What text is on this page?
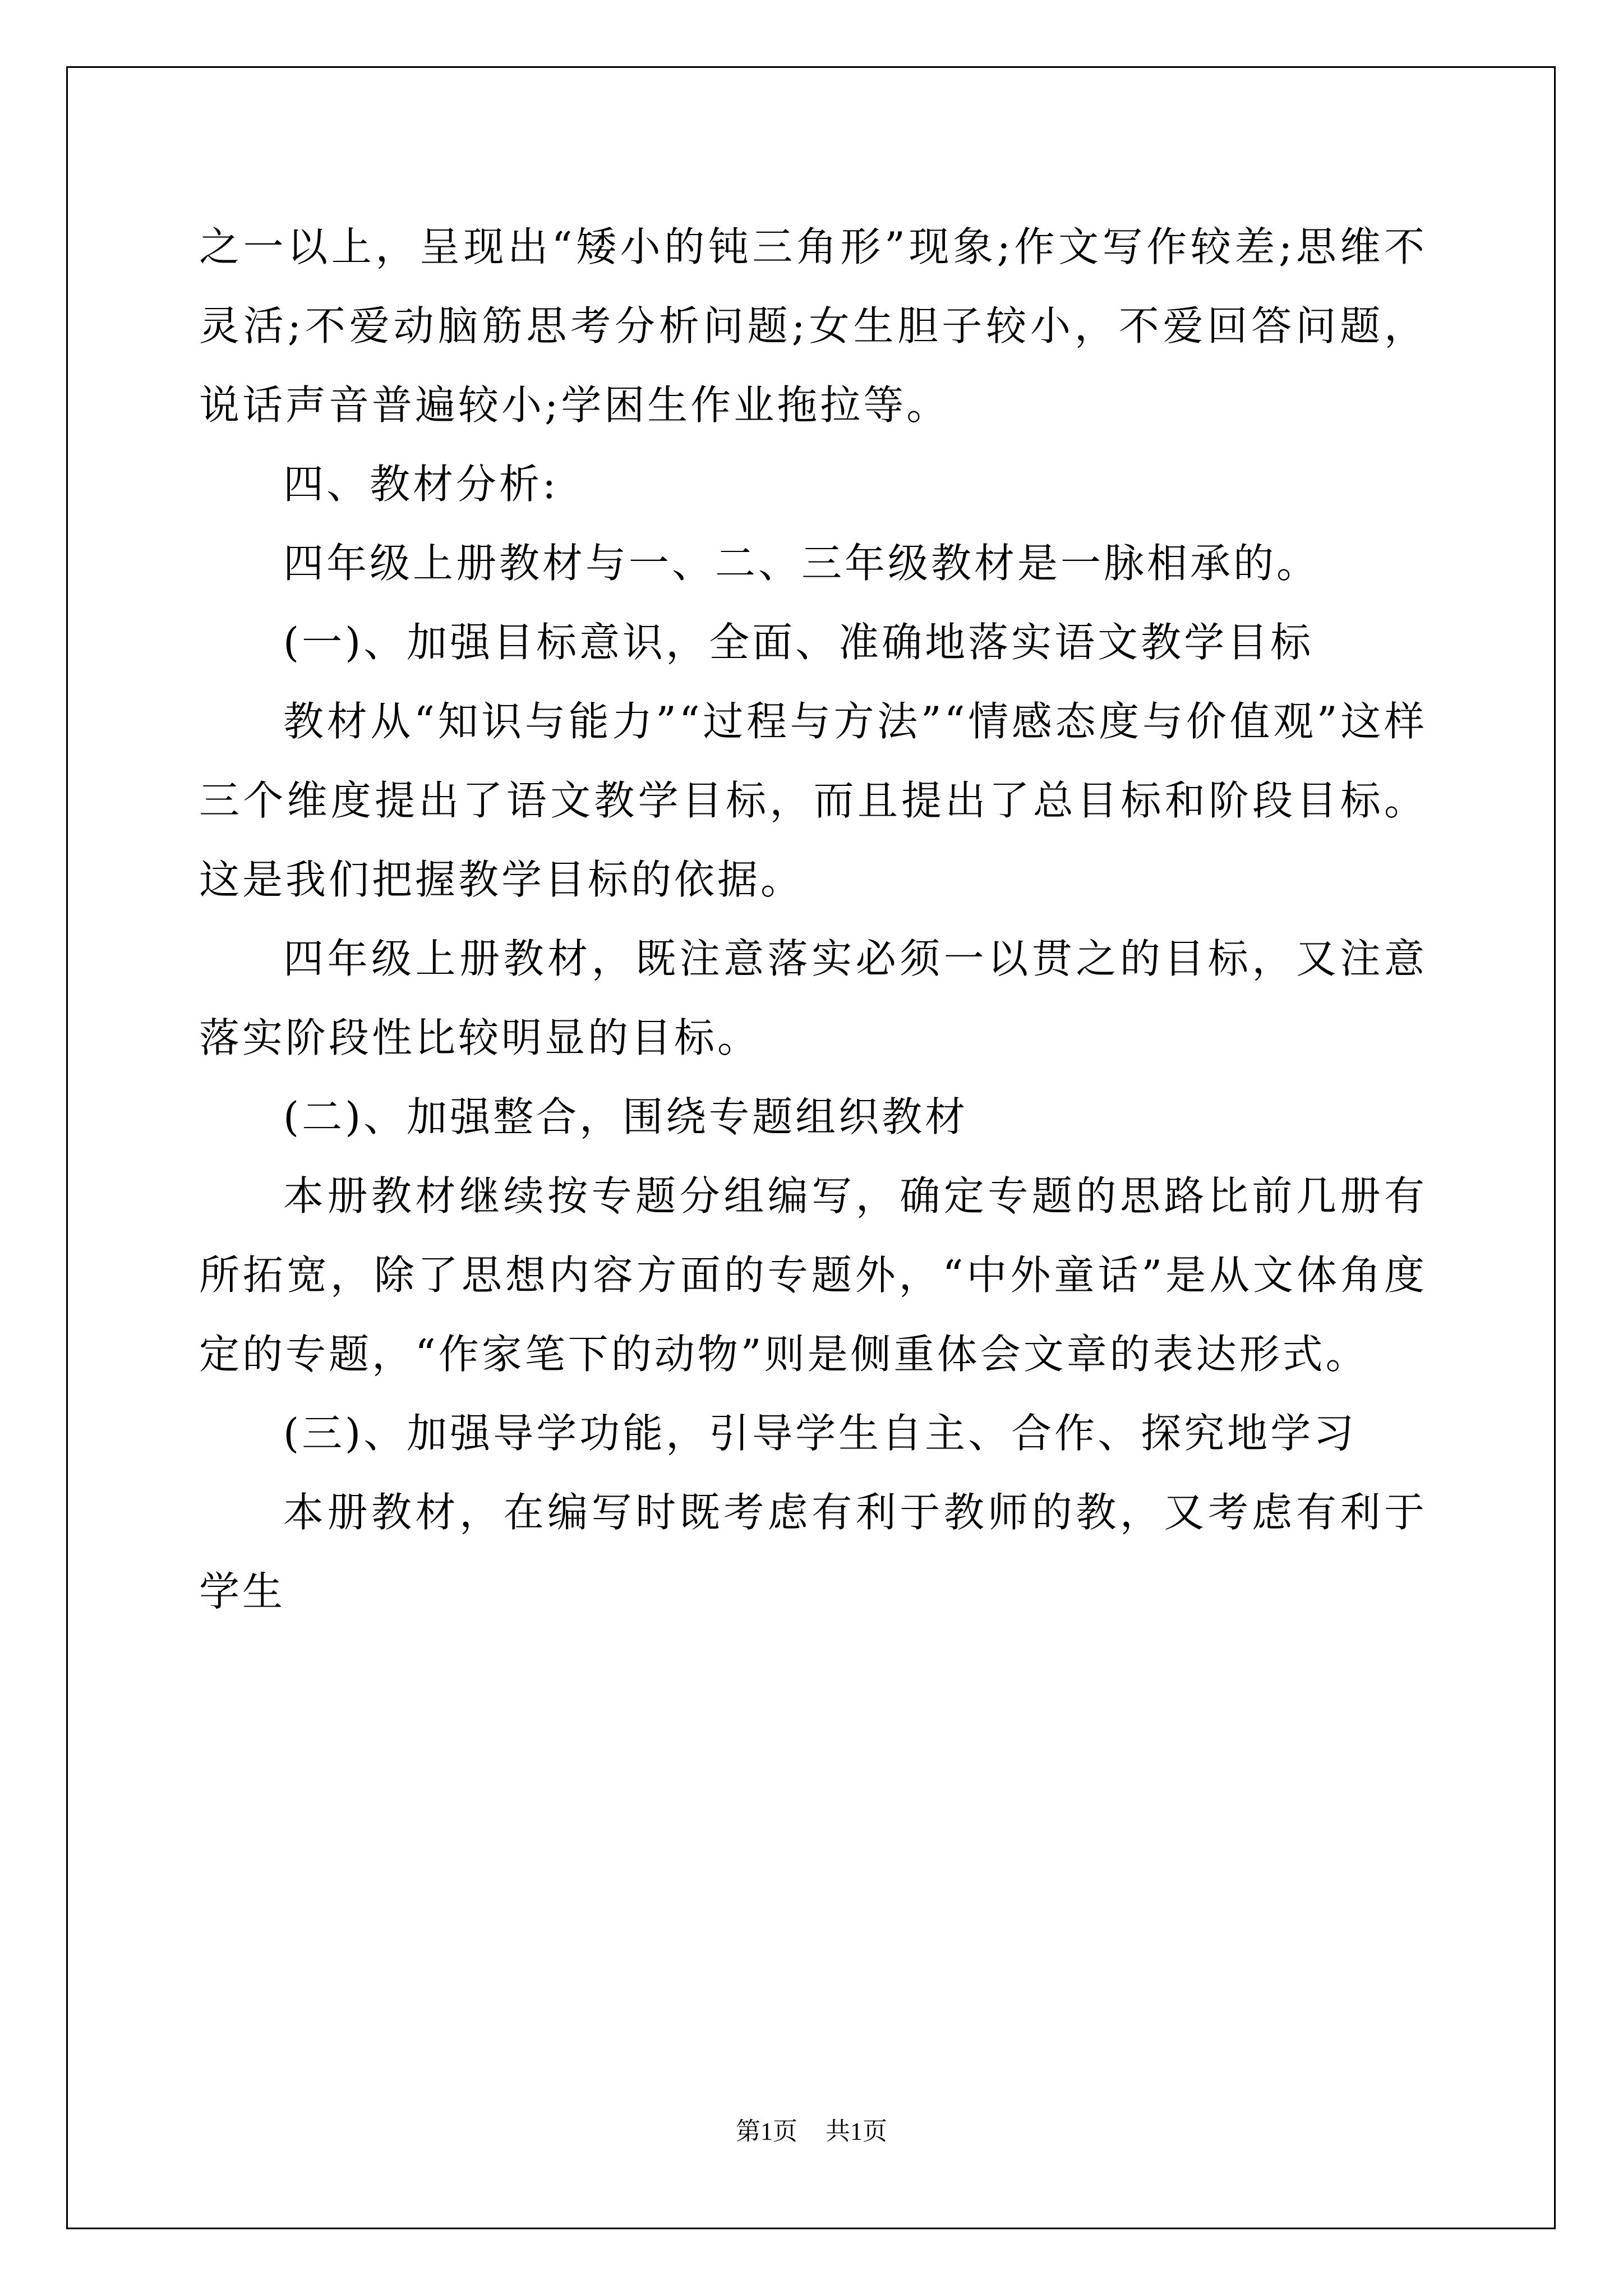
之一以上，呈现出“矮小的钝三角形”现象;作文写作较差;思维不灵活;不爱动脑筋思考分析问题;女生胆子较小，不爱回答问题，说话声音普遍较小;学困生作业拖拉等。

四、教材分析:

四年级上册教材与一、二、三年级教材是一脉相承的。

(一)、加强目标意识，全面、准确地落实语文教学目标

教材从“知识与能力”“过程与方法”“情感态度与价值观”这样三个维度提出了语文教学目标，而且提出了总目标和阶段目标。这是我们把握教学目标的依据。

四年级上册教材，既注意落实必须一以贯之的目标，又注意落实阶段性比较明显的目标。

(二)、加强整合，围绕专题组织教材

本册教材继续按专题分组编写，确定专题的思路比前几册有所拓宽，除了思想内容方面的专题外，“中外童话”是从文体角度定的专题，“作家笔下的动物”则是侧重体会文章的表达形式。

(三)、加强导学功能，引导学生自主、合作、探究地学习

本册教材，在编写时既考虑有利于教师的教，又考虑有利于学生

第1页 共1页
